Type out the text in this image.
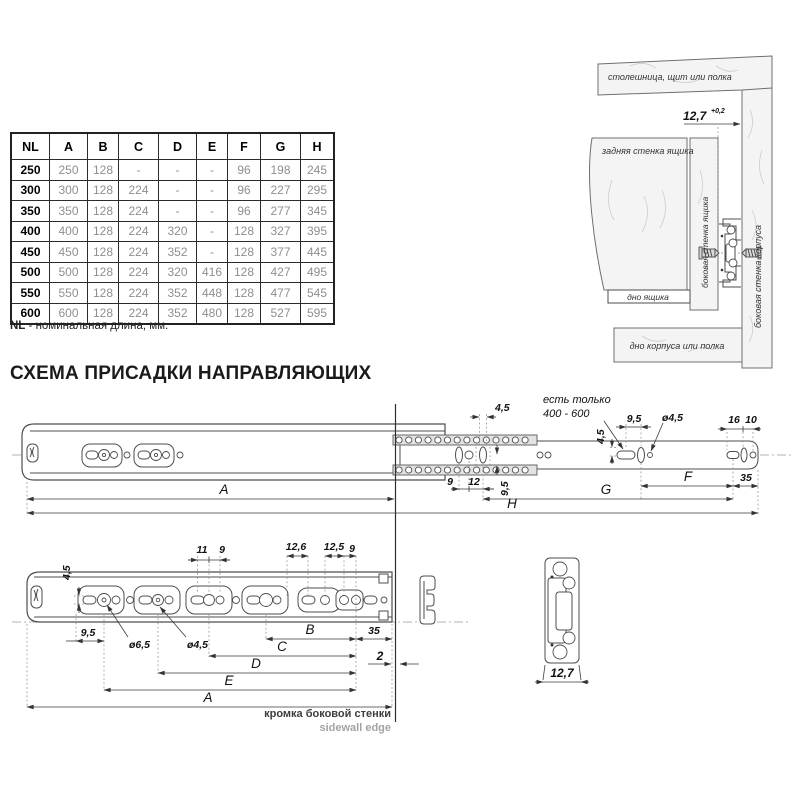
NL	A	B	C	D	E	F	G	H
250	250	128	-	-	-	96	198	245
300	300	128	224	-	-	96	227	295
350	350	128	224	-	-	96	277	345
400	400	128	224	320	-	128	327	395
450	450	128	224	352	-	128	377	445
500	500	128	224	320	416	128	427	495
550	550	128	224	352	448	128	477	545
600	600	128	224	352	480	128	527	595
NL - номинальная длина, мм.
СХЕМА ПРИСАДКИ НАПРАВЛЯЮЩИХ
12,7 +0,2
столешница, щит или полка
задняя стенка ящика
боковая стенка ящика	боковая стенка корпуса
дно ящика
дно корпуса или полка
есть только
400 - 600
4,5
9,5 ø4,5	16 10
4,5
9 12 9,5
F	35
G
H
A
4,5
11 9	12,6 12,5 9
9,5
ø6,5	ø4,5
B	35
C
D
E
A
2
кромка боковой стенки
sidewall edge
12,7
